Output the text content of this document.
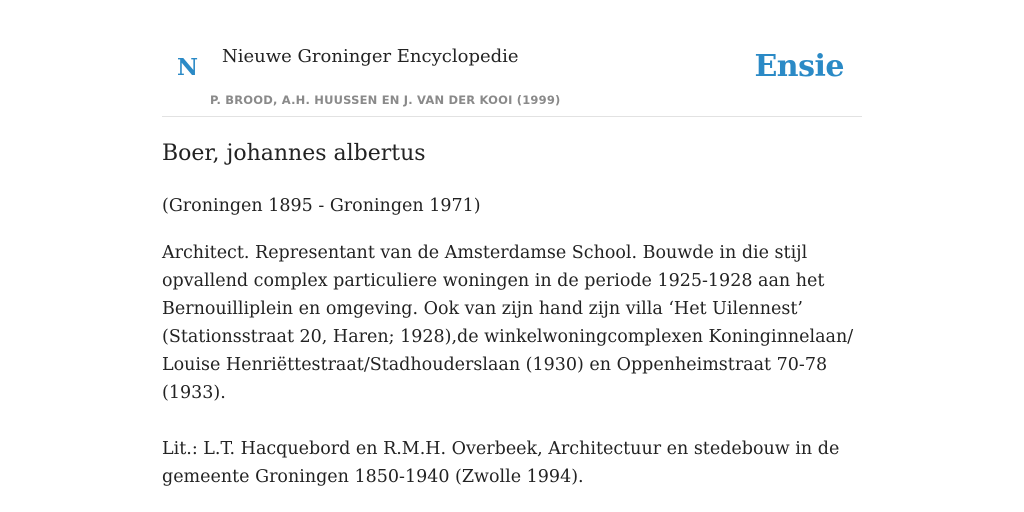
N Nieuwe Groninger Encyclopedie
P. BROOD, A.H. HUUSSEN EN J. VAN DER KOOI (1999)
Ensie
Boer, johannes albertus

(Groningen 1895 - Groningen 1971)

Architect. Representant van de Amsterdamse School. Bouwde in die stijl opvallend complex particuliere woningen in de periode 1925-1928 aan het Bernouilliplein en omgeving. Ook van zijn hand zijn villa ‘Het Uilennest’ (Stationsstraat 20, Haren; 1928),de winkelwoningcomplexen Koninginnelaan/ Louise Henriëttestraat/Stadhouderslaan (1930) en Oppenheimstraat 70-78 (1933).

Lit.: L.T. Hacquebord en R.M.H. Overbeek, Architectuur en stedebouw in de gemeente Groningen 1850-1940 (Zwolle 1994).
